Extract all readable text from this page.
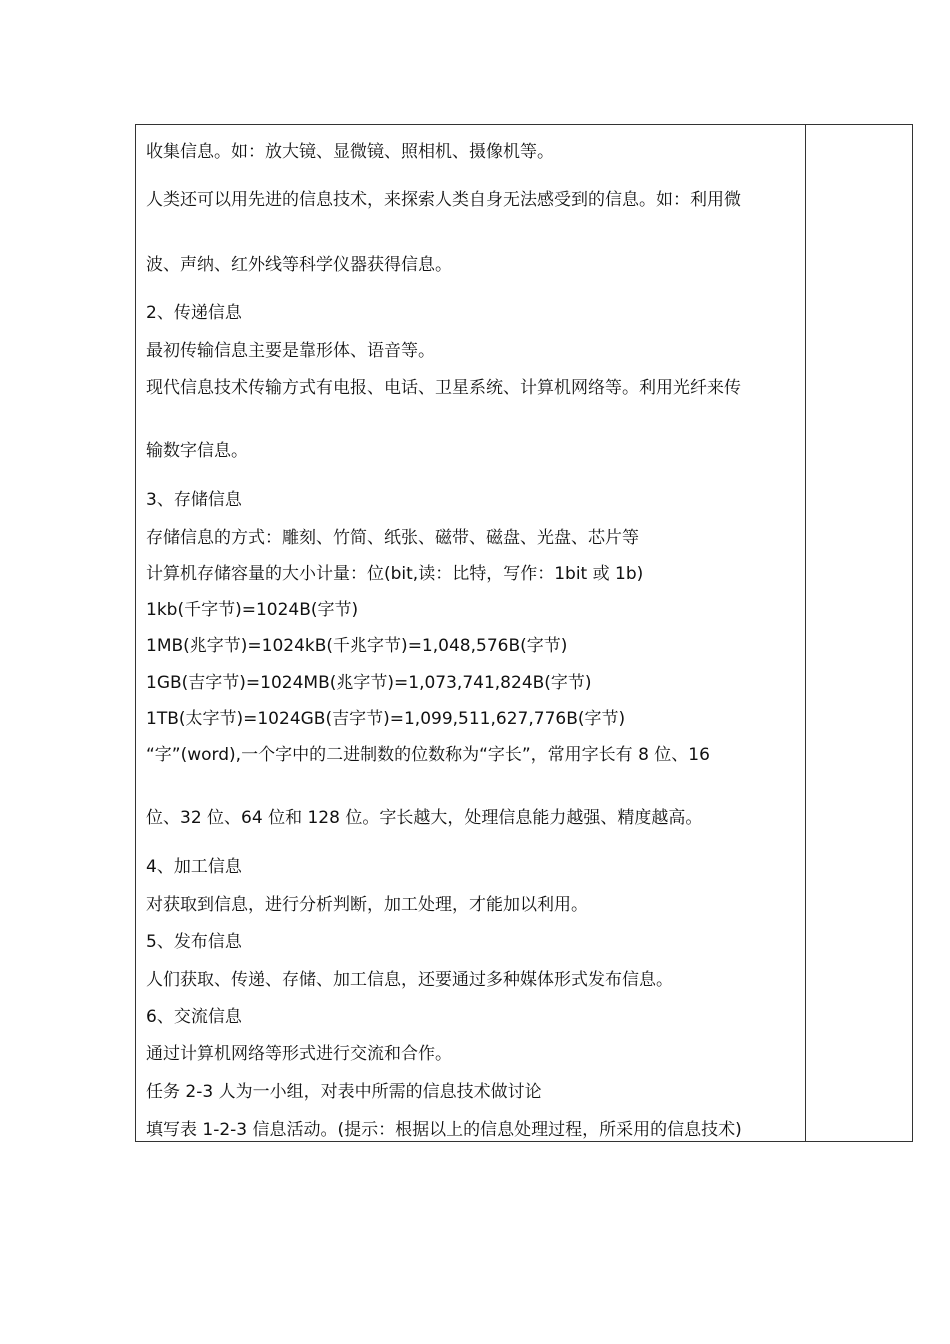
收集信息。如：放大镜、显微镜、照相机、摄像机等。
人类还可以用先进的信息技术，来探索人类自身无法感受到的信息。如：利用微
波、声纳、红外线等科学仪器获得信息。
2、传递信息
最初传输信息主要是靠形体、语音等。
现代信息技术传输方式有电报、电话、卫星系统、计算机网络等。利用光纤来传
输数字信息。
3、存储信息
存储信息的方式：雕刻、竹简、纸张、磁带、磁盘、光盘、芯片等
计算机存储容量的大小计量：位(bit,读：比特，写作：1bit 或 1b)
1kb(千字节)=1024B(字节)
1MB(兆字节)=1024kB(千兆字节)=1,048,576B(字节)
1GB(吉字节)=1024MB(兆字节)=1,073,741,824B(字节)
1TB(太字节)=1024GB(吉字节)=1,099,511,627,776B(字节)
“字”(word),一个字中的二进制数的位数称为“字长”，常用字长有 8 位、16
位、32 位、64 位和 128 位。字长越大，处理信息能力越强、精度越高。
4、加工信息
对获取到信息，进行分析判断，加工处理，才能加以利用。
5、发布信息
人们获取、传递、存储、加工信息，还要通过多种媒体形式发布信息。
6、交流信息
通过计算机网络等形式进行交流和合作。
任务 2-3 人为一小组，对表中所需的信息技术做讨论
填写表 1-2-3 信息活动。(提示：根据以上的信息处理过程，所采用的信息技术)
